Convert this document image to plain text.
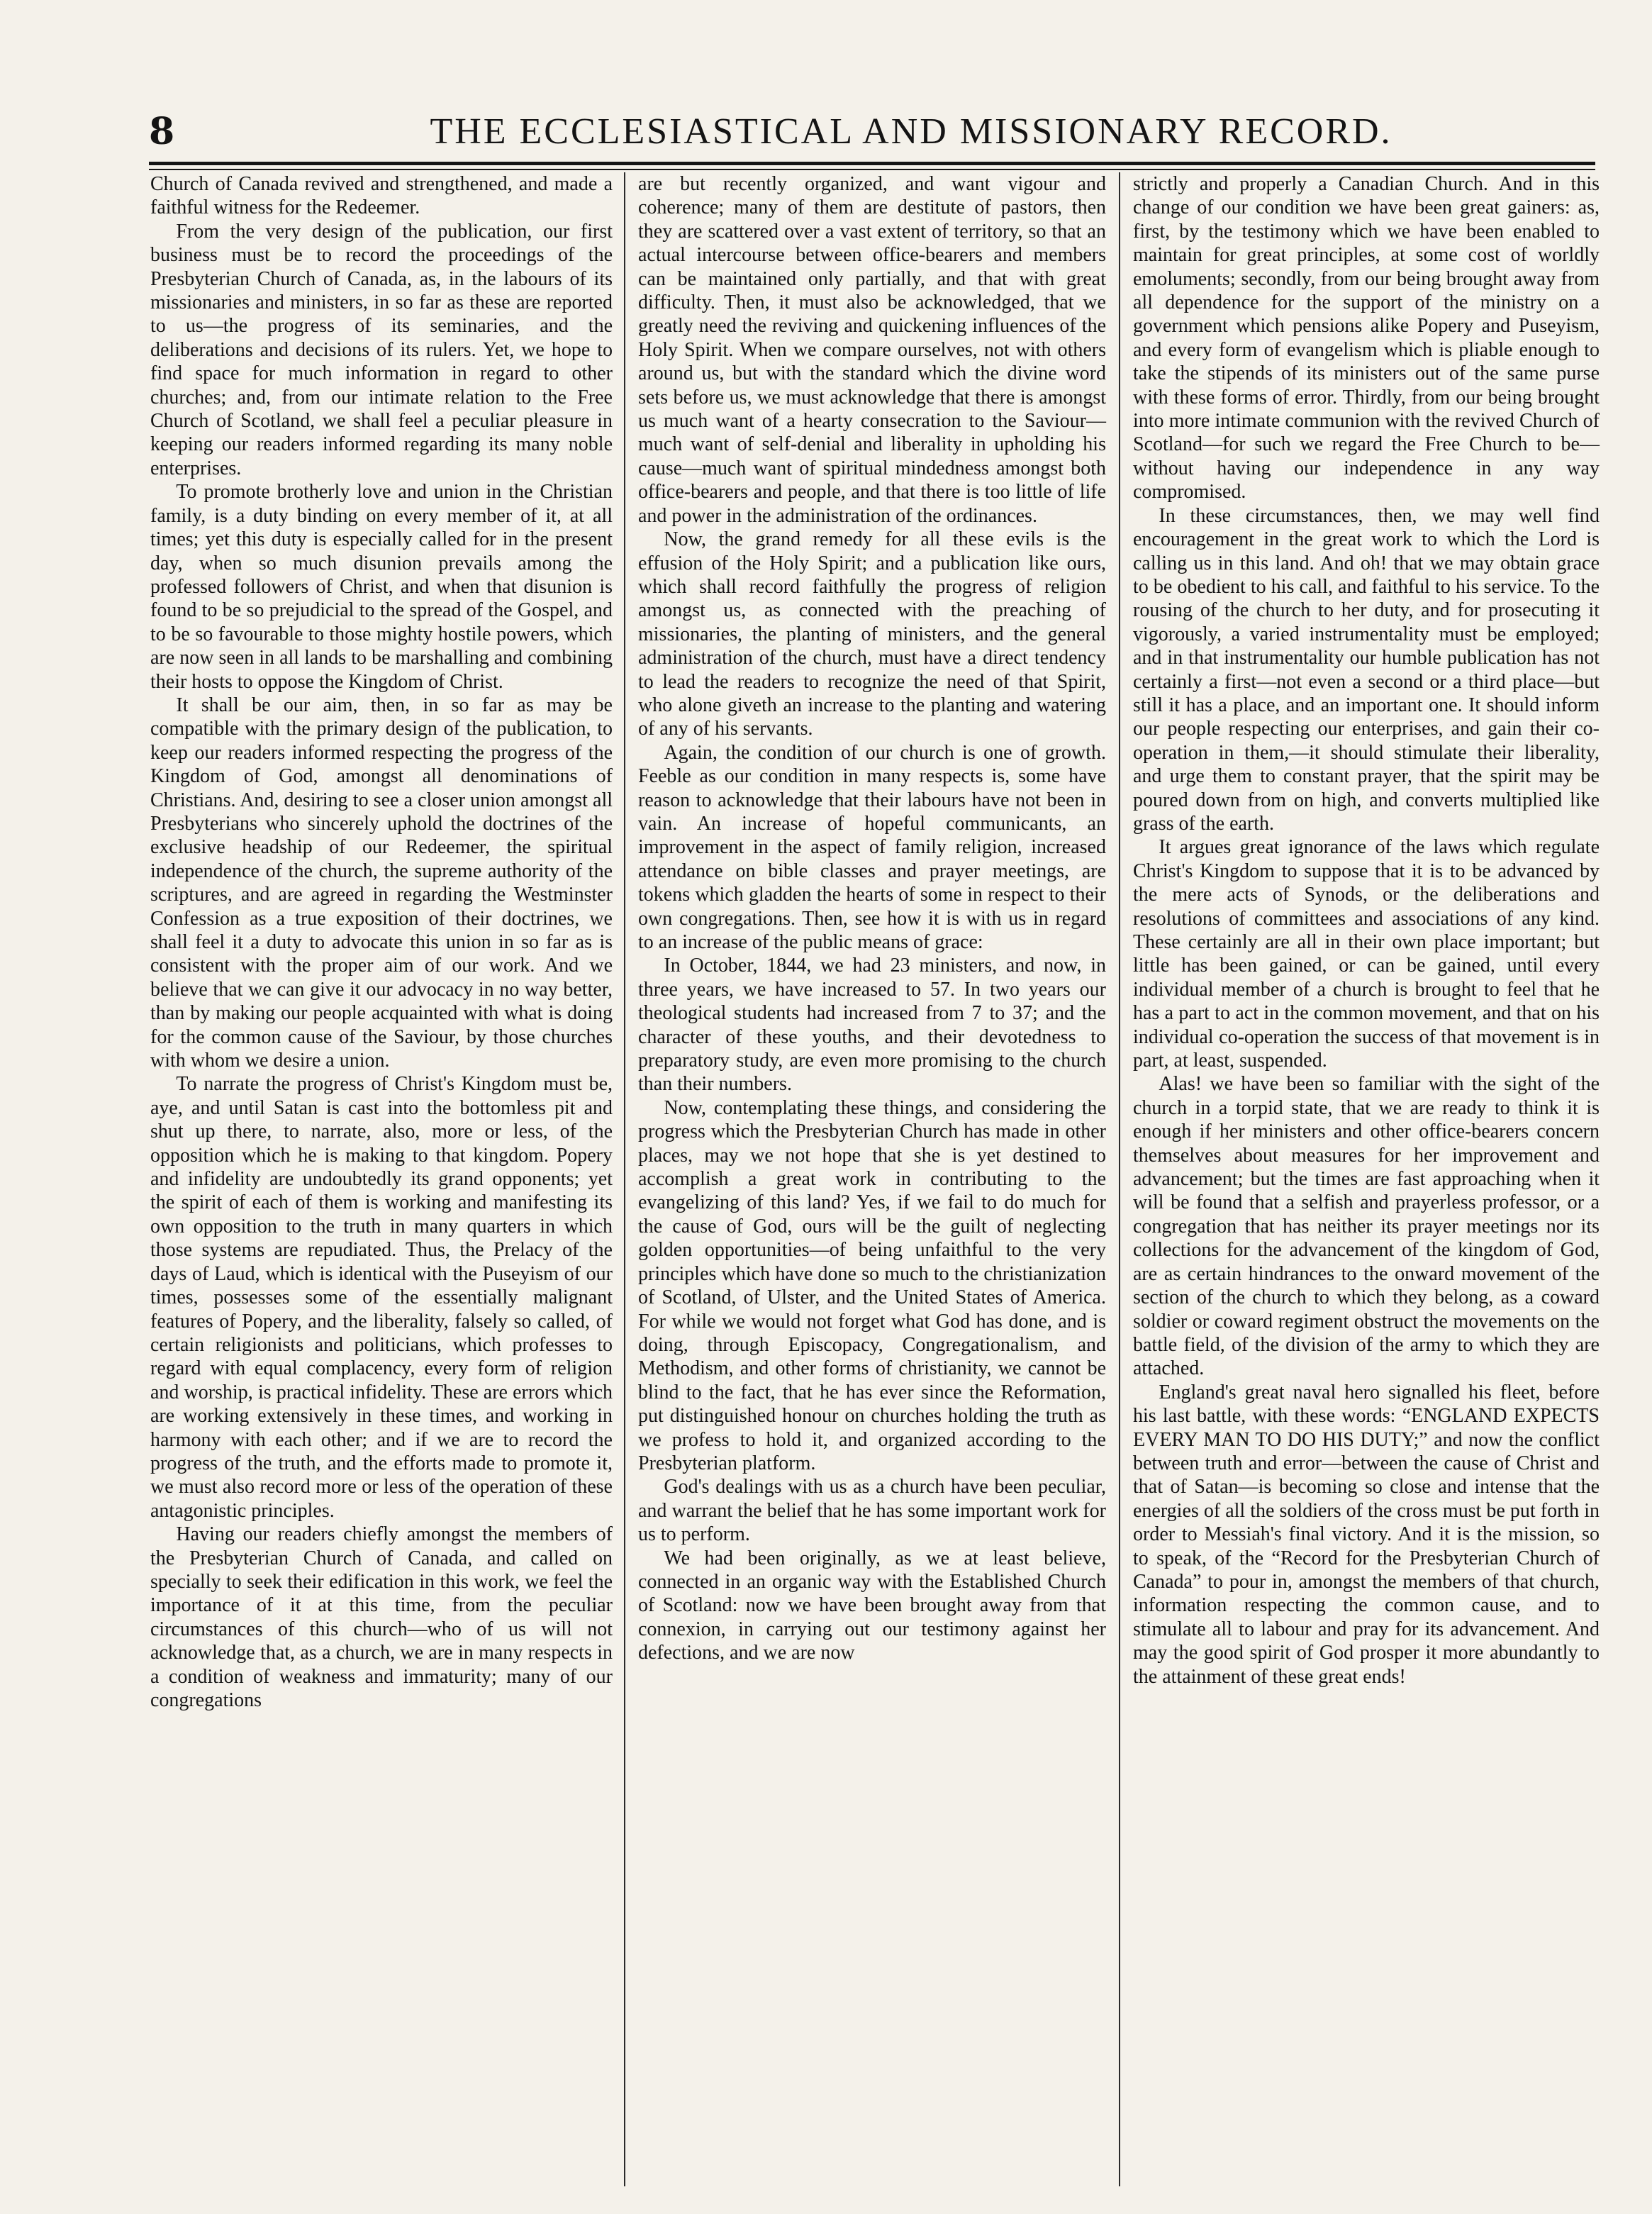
8	THE ECCLESIASTICAL AND MISSIONARY RECORD.

Church of Canada revived and strengthened, and made a faithful witness for the Redeemer.

From the very design of the publication, our first business must be to record the proceedings of the Presbyterian Church of Canada, as, in the labours of its missionaries and ministers, in so far as these are reported to us—the progress of its seminaries, and the deliberations and decisions of its rulers. Yet, we hope to find space for much information in regard to other churches; and, from our intimate relation to the Free Church of Scotland, we shall feel a peculiar pleasure in keeping our readers informed regarding its many noble enterprises.

To promote brotherly love and union in the Christian family, is a duty binding on every member of it, at all times; yet this duty is especially called for in the present day, when so much disunion prevails among the professed followers of Christ, and when that disunion is found to be so prejudicial to the spread of the Gospel, and to be so favourable to those mighty hostile powers, which are now seen in all lands to be marshalling and combining their hosts to oppose the Kingdom of Christ.

It shall be our aim, then, in so far as may be compatible with the primary design of the publication, to keep our readers informed respecting the progress of the Kingdom of God, amongst all denominations of Christians. And, desiring to see a closer union amongst all Presbyterians who sincerely uphold the doctrines of the exclusive headship of our Redeemer, the spiritual independence of the church, the supreme authority of the scriptures, and are agreed in regarding the Westminster Confession as a true exposition of their doctrines, we shall feel it a duty to advocate this union in so far as is consistent with the proper aim of our work. And we believe that we can give it our advocacy in no way better, than by making our people acquainted with what is doing for the common cause of the Saviour, by those churches with whom we desire a union.

To narrate the progress of Christ's Kingdom must be, aye, and until Satan is cast into the bottomless pit and shut up there, to narrate, also, more or less, of the opposition which he is making to that kingdom. Popery and infidelity are undoubtedly its grand opponents; yet the spirit of each of them is working and manifesting its own opposition to the truth in many quarters in which those systems are repudiated. Thus, the Prelacy of the days of Laud, which is identical with the Puseyism of our times, possesses some of the essentially malignant features of Popery, and the liberality, falsely so called, of certain religionists and politicians, which professes to regard with equal complacency, every form of religion and worship, is practical infidelity. These are errors which are working extensively in these times, and working in harmony with each other; and if we are to record the progress of the truth, and the efforts made to promote it, we must also record more or less of the operation of these antagonistic principles.

Having our readers chiefly amongst the members of the Presbyterian Church of Canada, and called on specially to seek their edification in this work, we feel the importance of it at this time, from the peculiar circumstances of this church—who of us will not acknowledge that, as a church, we are in many respects in a condition of weakness and immaturity; many of our congregations

are but recently organized, and want vigour and coherence; many of them are destitute of pastors, then they are scattered over a vast extent of territory, so that an actual intercourse between office-bearers and members can be maintained only partially, and that with great difficulty. Then, it must also be acknowledged, that we greatly need the reviving and quickening influences of the Holy Spirit. When we compare ourselves, not with others around us, but with the standard which the divine word sets before us, we must acknowledge that there is amongst us much want of a hearty consecration to the Saviour—much want of self-denial and liberality in upholding his cause—much want of spiritual mindedness amongst both office-bearers and people, and that there is too little of life and power in the administration of the ordinances.

Now, the grand remedy for all these evils is the effusion of the Holy Spirit; and a publication like ours, which shall record faithfully the progress of religion amongst us, as connected with the preaching of missionaries, the planting of ministers, and the general administration of the church, must have a direct tendency to lead the readers to recognize the need of that Spirit, who alone giveth an increase to the planting and watering of any of his servants.

Again, the condition of our church is one of growth. Feeble as our condition in many respects is, some have reason to acknowledge that their labours have not been in vain. An increase of hopeful communicants, an improvement in the aspect of family religion, increased attendance on bible classes and prayer meetings, are tokens which gladden the hearts of some in respect to their own congregations. Then, see how it is with us in regard to an increase of the public means of grace:

In October, 1844, we had 23 ministers, and now, in three years, we have increased to 57. In two years our theological students had increased from 7 to 37; and the character of these youths, and their devotedness to preparatory study, are even more promising to the church than their numbers.

Now, contemplating these things, and considering the progress which the Presbyterian Church has made in other places, may we not hope that she is yet destined to accomplish a great work in contributing to the evangelizing of this land? Yes, if we fail to do much for the cause of God, ours will be the guilt of neglecting golden opportunities—of being unfaithful to the very principles which have done so much to the christianization of Scotland, of Ulster, and the United States of America. For while we would not forget what God has done, and is doing, through Episcopacy, Congregationalism, and Methodism, and other forms of christianity, we cannot be blind to the fact, that he has ever since the Reformation, put distinguished honour on churches holding the truth as we profess to hold it, and organized according to the Presbyterian platform.

God's dealings with us as a church have been peculiar, and warrant the belief that he has some important work for us to perform.

We had been originally, as we at least believe, connected in an organic way with the Established Church of Scotland: now we have been brought away from that connexion, in carrying out our testimony against her defections, and we are now

strictly and properly a Canadian Church. And in this change of our condition we have been great gainers: as, first, by the testimony which we have been enabled to maintain for great principles, at some cost of worldly emoluments; secondly, from our being brought away from all dependence for the support of the ministry on a government which pensions alike Popery and Puseyism, and every form of evangelism which is pliable enough to take the stipends of its ministers out of the same purse with these forms of error. Thirdly, from our being brought into more intimate communion with the revived Church of Scotland—for such we regard the Free Church to be—without having our independence in any way compromised.

In these circumstances, then, we may well find encouragement in the great work to which the Lord is calling us in this land. And oh! that we may obtain grace to be obedient to his call, and faithful to his service. To the rousing of the church to her duty, and for prosecuting it vigorously, a varied instrumentality must be employed; and in that instrumentality our humble publication has not certainly a first—not even a second or a third place—but still it has a place, and an important one. It should inform our people respecting our enterprises, and gain their co-operation in them,—it should stimulate their liberality, and urge them to constant prayer, that the spirit may be poured down from on high, and converts multiplied like grass of the earth.

It argues great ignorance of the laws which regulate Christ's Kingdom to suppose that it is to be advanced by the mere acts of Synods, or the deliberations and resolutions of committees and associations of any kind. These certainly are all in their own place important; but little has been gained, or can be gained, until every individual member of a church is brought to feel that he has a part to act in the common movement, and that on his individual co-operation the success of that movement is in part, at least, suspended.

Alas! we have been so familiar with the sight of the church in a torpid state, that we are ready to think it is enough if her ministers and other office-bearers concern themselves about measures for her improvement and advancement; but the times are fast approaching when it will be found that a selfish and prayerless professor, or a congregation that has neither its prayer meetings nor its collections for the advancement of the kingdom of God, are as certain hindrances to the onward movement of the section of the church to which they belong, as a coward soldier or coward regiment obstruct the movements on the battle field, of the division of the army to which they are attached.

England's great naval hero signalled his fleet, before his last battle, with these words: “ENGLAND EXPECTS EVERY MAN TO DO HIS DUTY;” and now the conflict between truth and error—between the cause of Christ and that of Satan—is becoming so close and intense that the energies of all the soldiers of the cross must be put forth in order to Messiah's final victory. And it is the mission, so to speak, of the “Record for the Presbyterian Church of Canada” to pour in, amongst the members of that church, information respecting the common cause, and to stimulate all to labour and pray for its advancement. And may the good spirit of God prosper it more abundantly to the attainment of these great ends!
